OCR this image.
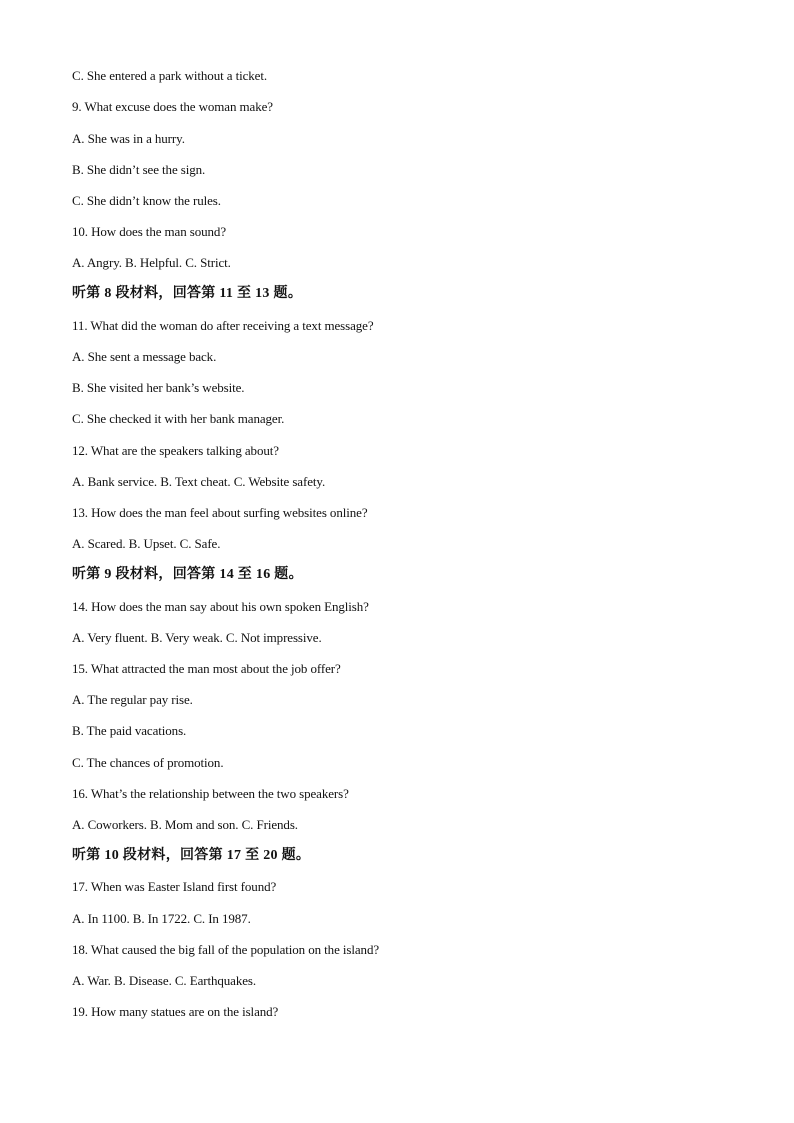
C. She entered a park without a ticket.
9. What excuse does the woman make?
A. She was in a hurry.
B. She didn’t see the sign.
C. She didn’t know the rules.
10. How does the man sound?
A. Angry. B. Helpful. C. Strict.
听第 8 段材料，回答第 11 至 13 题。
11. What did the woman do after receiving a text message?
A. She sent a message back.
B. She visited her bank’s website.
C. She checked it with her bank manager.
12. What are the speakers talking about?
A. Bank service. B. Text cheat. C. Website safety.
13. How does the man feel about surfing websites online?
A. Scared. B. Upset. C. Safe.
听第 9 段材料，回答第 14 至 16 题。
14. How does the man say about his own spoken English?
A. Very fluent. B. Very weak. C. Not impressive.
15. What attracted the man most about the job offer?
A. The regular pay rise.
B. The paid vacations.
C. The chances of promotion.
16. What’s the relationship between the two speakers?
A. Coworkers. B. Mom and son. C. Friends.
听第 10 段材料，回答第 17 至 20 题。
17. When was Easter Island first found?
A. In 1100. B. In 1722. C. In 1987.
18. What caused the big fall of the population on the island?
A. War. B. Disease. C. Earthquakes.
19. How many statues are on the island?
